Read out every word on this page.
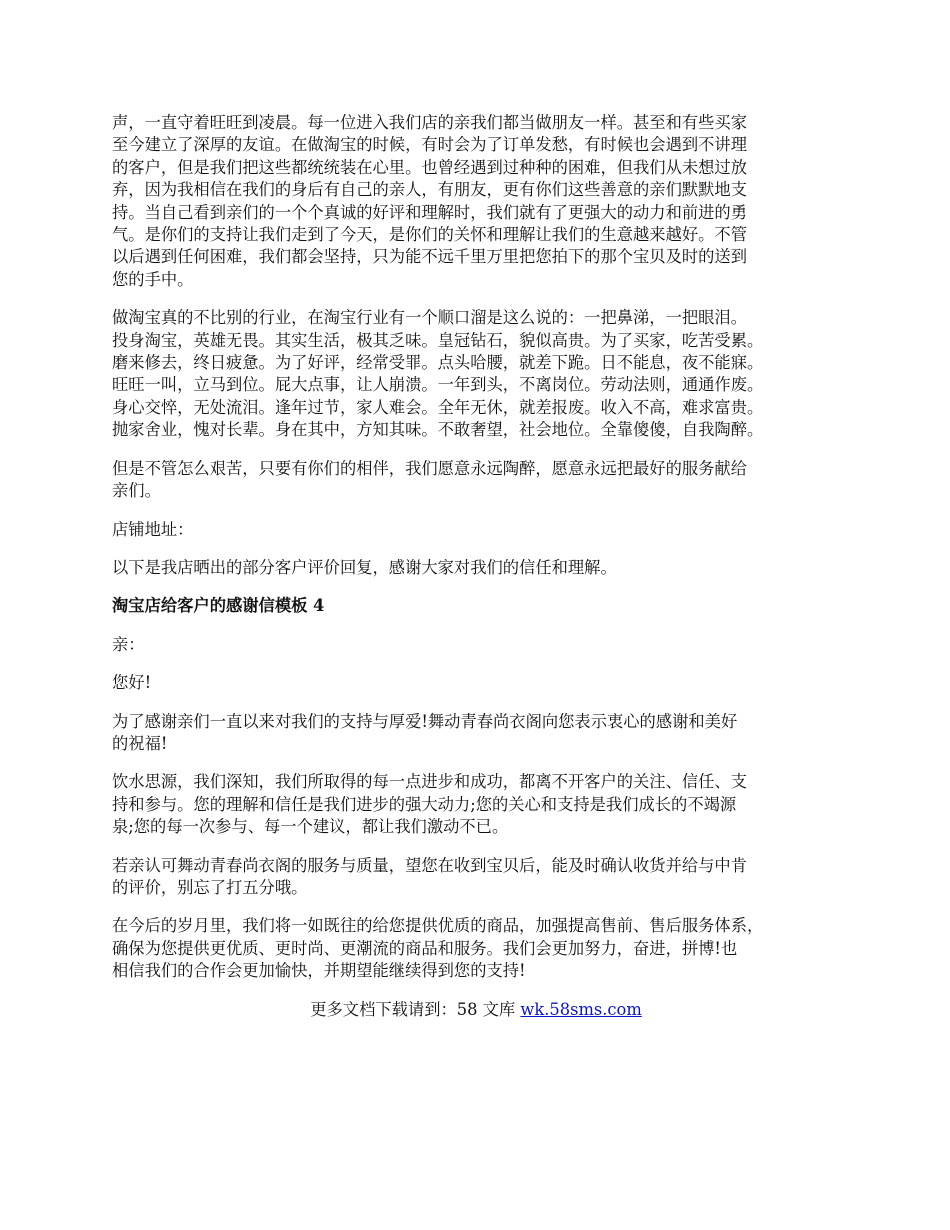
声，一直守着旺旺到凌晨。每一位进入我们店的亲我们都当做朋友一样。甚至和有些买家
至今建立了深厚的友谊。在做淘宝的时候，有时会为了订单发愁，有时候也会遇到不讲理
的客户，但是我们把这些都统统装在心里。也曾经遇到过种种的困难，但我们从未想过放
弃，因为我相信在我们的身后有自己的亲人，有朋友，更有你们这些善意的亲们默默地支
持。当自己看到亲们的一个个真诚的好评和理解时，我们就有了更强大的动力和前进的勇
气。是你们的支持让我们走到了今天，是你们的关怀和理解让我们的生意越来越好。不管
以后遇到任何困难，我们都会坚持，只为能不远千里万里把您拍下的那个宝贝及时的送到
您的手中。
做淘宝真的不比别的行业，在淘宝行业有一个顺口溜是这么说的：一把鼻涕，一把眼泪。
投身淘宝，英雄无畏。其实生活，极其乏味。皇冠钻石，貌似高贵。为了买家，吃苦受累。
磨来修去，终日疲惫。为了好评，经常受罪。点头哈腰，就差下跪。日不能息，夜不能寐。
旺旺一叫，立马到位。屁大点事，让人崩溃。一年到头，不离岗位。劳动法则，通通作废。
身心交悴，无处流泪。逢年过节，家人难会。全年无休，就差报废。收入不高，难求富贵。
抛家舍业，愧对长辈。身在其中，方知其味。不敢奢望，社会地位。全靠傻傻，自我陶醉。
但是不管怎么艰苦，只要有你们的相伴，我们愿意永远陶醉，愿意永远把最好的服务献给
亲们。
店铺地址：
以下是我店晒出的部分客户评价回复，感谢大家对我们的信任和理解。
淘宝店给客户的感谢信模板 4
亲：
您好!
为了感谢亲们一直以来对我们的支持与厚爱!舞动青春尚衣阁向您表示衷心的感谢和美好
的祝福!
饮水思源，我们深知，我们所取得的每一点进步和成功，都离不开客户的关注、信任、支
持和参与。您的理解和信任是我们进步的强大动力;您的关心和支持是我们成长的不竭源
泉;您的每一次参与、每一个建议，都让我们激动不已。
若亲认可舞动青春尚衣阁的服务与质量，望您在收到宝贝后，能及时确认收货并给与中肯
的评价，别忘了打五分哦。
在今后的岁月里，我们将一如既往的给您提供优质的商品，加强提高售前、售后服务体系，
确保为您提供更优质、更时尚、更潮流的商品和服务。我们会更加努力，奋进，拼博!也
相信我们的合作会更加愉快，并期望能继续得到您的支持!
更多文档下载请到：58 文库 wk.58sms.com
